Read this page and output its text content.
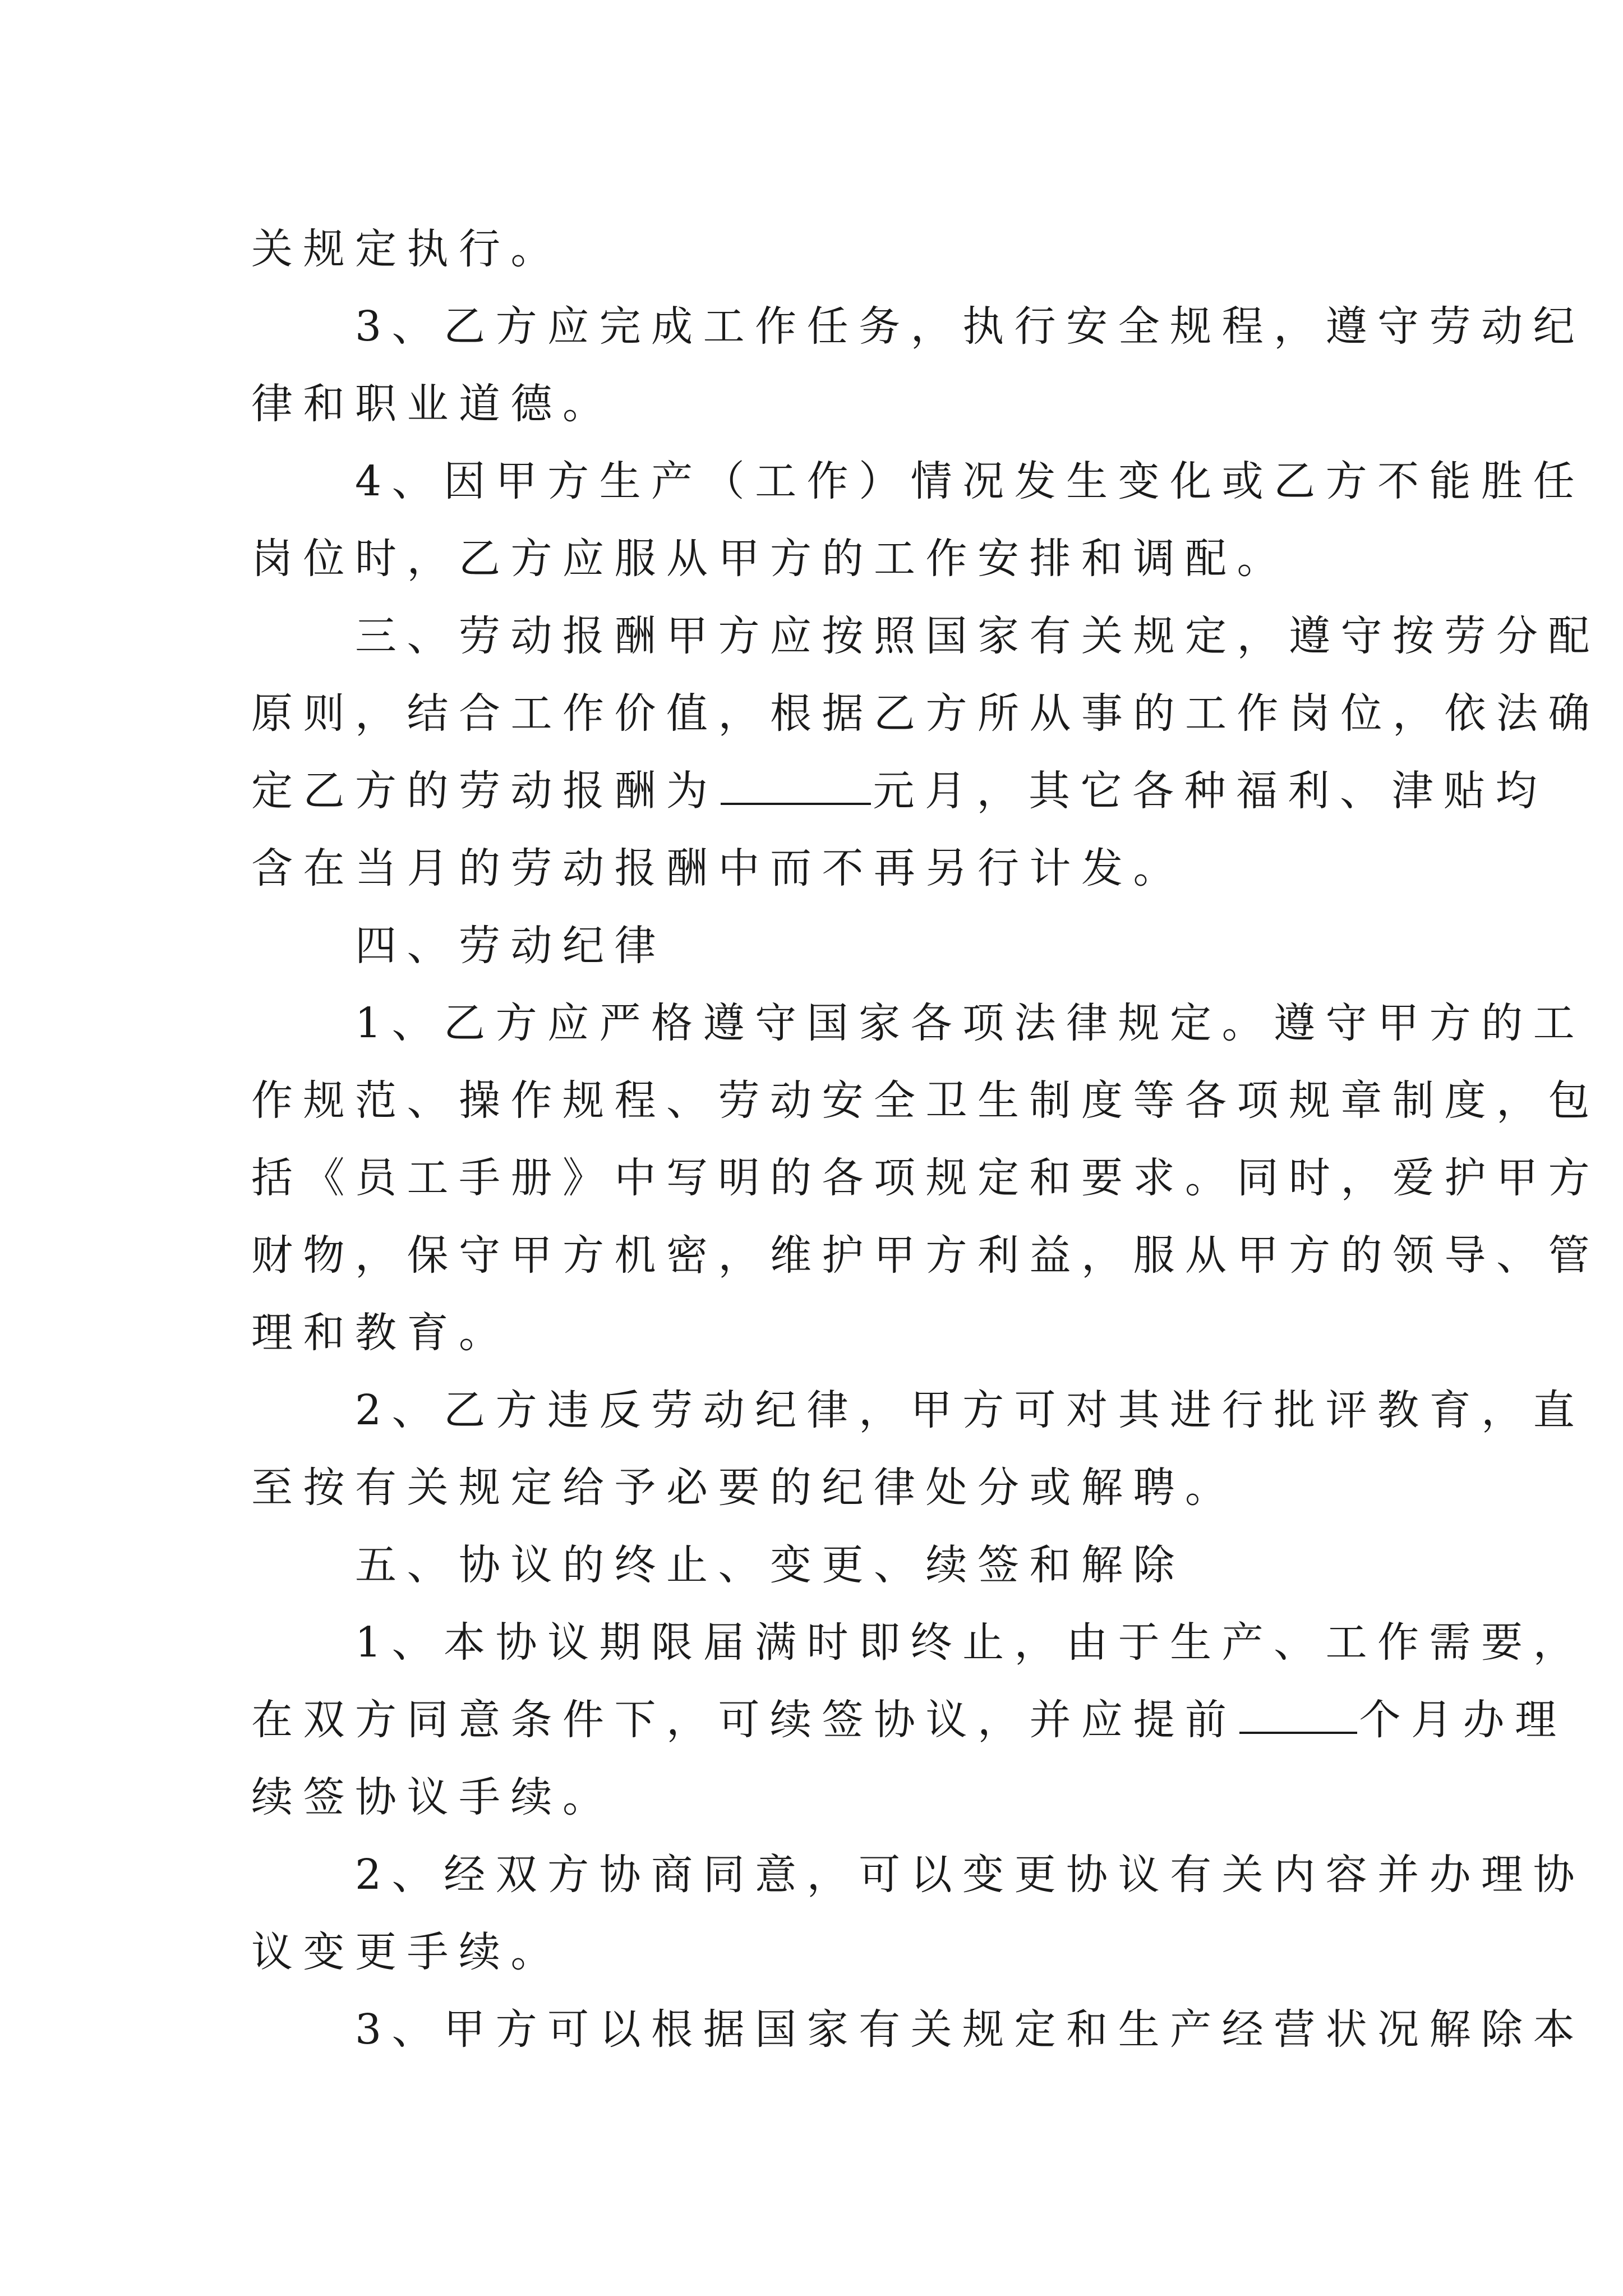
关规定执行。

3、乙方应完成工作任务，执行安全规程，遵守劳动纪

律和职业道德。

4、因甲方生产（工作）情况发生变化或乙方不能胜任

岗位时，乙方应服从甲方的工作安排和调配。

三、劳动报酬甲方应按照国家有关规定，遵守按劳分配

原则，结合工作价值，根据乙方所从事的工作岗位，依法确

定乙方的劳动报酬为	元月，其它各种福利、津贴均

含在当月的劳动报酬中而不再另行计发。

四、劳动纪律

1、乙方应严格遵守国家各项法律规定。遵守甲方的工

作规范、操作规程、劳动安全卫生制度等各项规章制度，包

括《员工手册》中写明的各项规定和要求。同时，爱护甲方

财物，保守甲方机密，维护甲方利益，服从甲方的领导、管

理和教育。

2、乙方违反劳动纪律，甲方可对其进行批评教育，直

至按有关规定给予必要的纪律处分或解聘。

五、协议的终止、变更、续签和解除

1、本协议期限届满时即终止，由于生产、工作需要，

在双方同意条件下，可续签协议，并应提前	个月办理

续签协议手续。

2、经双方协商同意，可以变更协议有关内容并办理协

议变更手续。

3、甲方可以根据国家有关规定和生产经营状况解除本
